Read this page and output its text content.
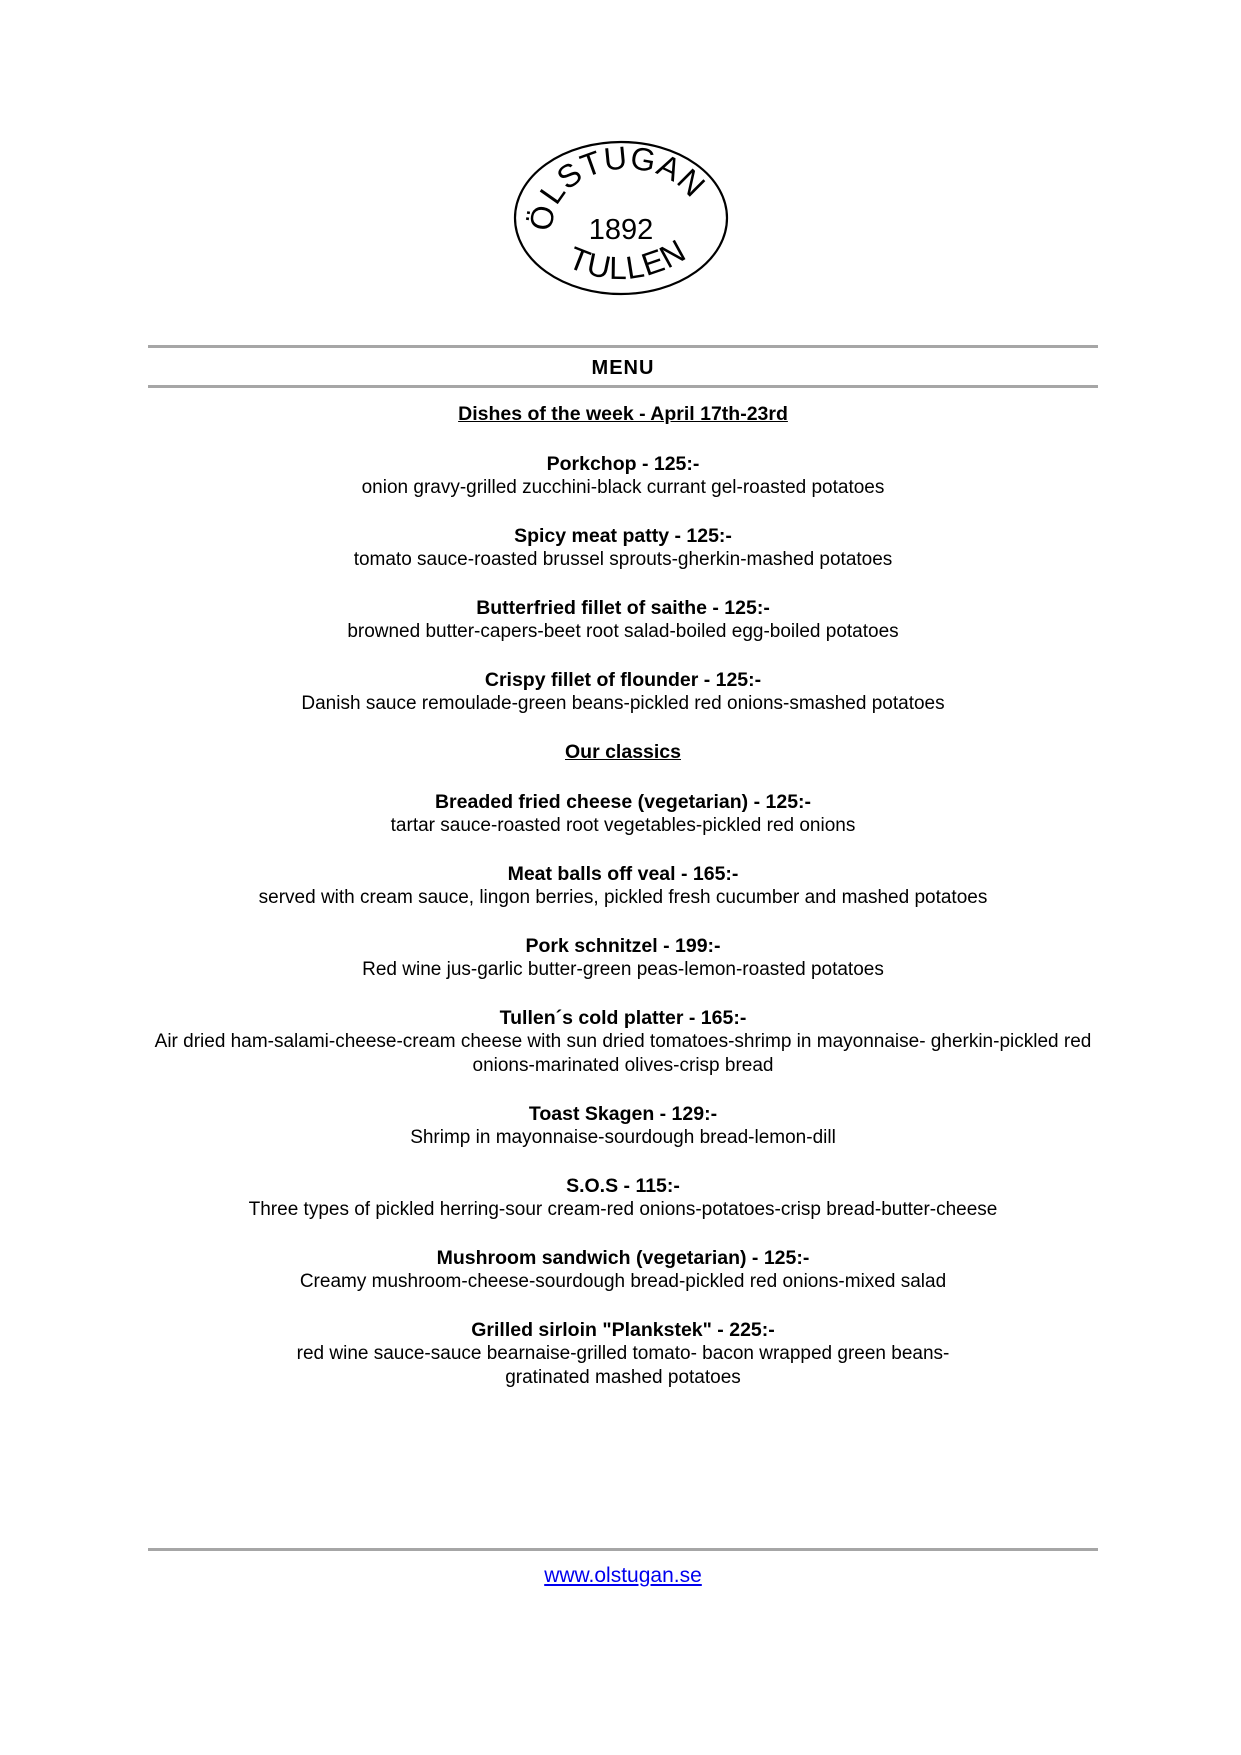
ÖLSTUGAN
1892
TULLEN
MENU
Dishes of the week - April 17th-23rd
Porkchop - 125:-
onion gravy-grilled zucchini-black currant gel-roasted potatoes
Spicy meat patty - 125:-
tomato sauce-roasted brussel sprouts-gherkin-mashed potatoes
Butterfried fillet of saithe - 125:-
browned butter-capers-beet root salad-boiled egg-boiled potatoes
Crispy fillet of flounder - 125:-
Danish sauce remoulade-green beans-pickled red onions-smashed potatoes
Our classics
Breaded fried cheese (vegetarian) - 125:-
tartar sauce-roasted root vegetables-pickled red onions
Meat balls off veal - 165:-
served with cream sauce, lingon berries, pickled fresh cucumber and mashed potatoes
Pork schnitzel - 199:-
Red wine jus-garlic butter-green peas-lemon-roasted potatoes
Tullen´s cold platter - 165:-
Air dried ham-salami-cheese-cream cheese with sun dried tomatoes-shrimp in mayonnaise- gherkin-pickled red onions-marinated olives-crisp bread
Toast Skagen - 129:-
Shrimp in mayonnaise-sourdough bread-lemon-dill
S.O.S - 115:-
Three types of pickled herring-sour cream-red onions-potatoes-crisp bread-butter-cheese
Mushroom sandwich (vegetarian) - 125:-
Creamy mushroom-cheese-sourdough bread-pickled red onions-mixed salad
Grilled sirloin "Plankstek" - 225:-
red wine sauce-sauce bearnaise-grilled tomato- bacon wrapped green beans-gratinated mashed potatoes
www.olstugan.se
